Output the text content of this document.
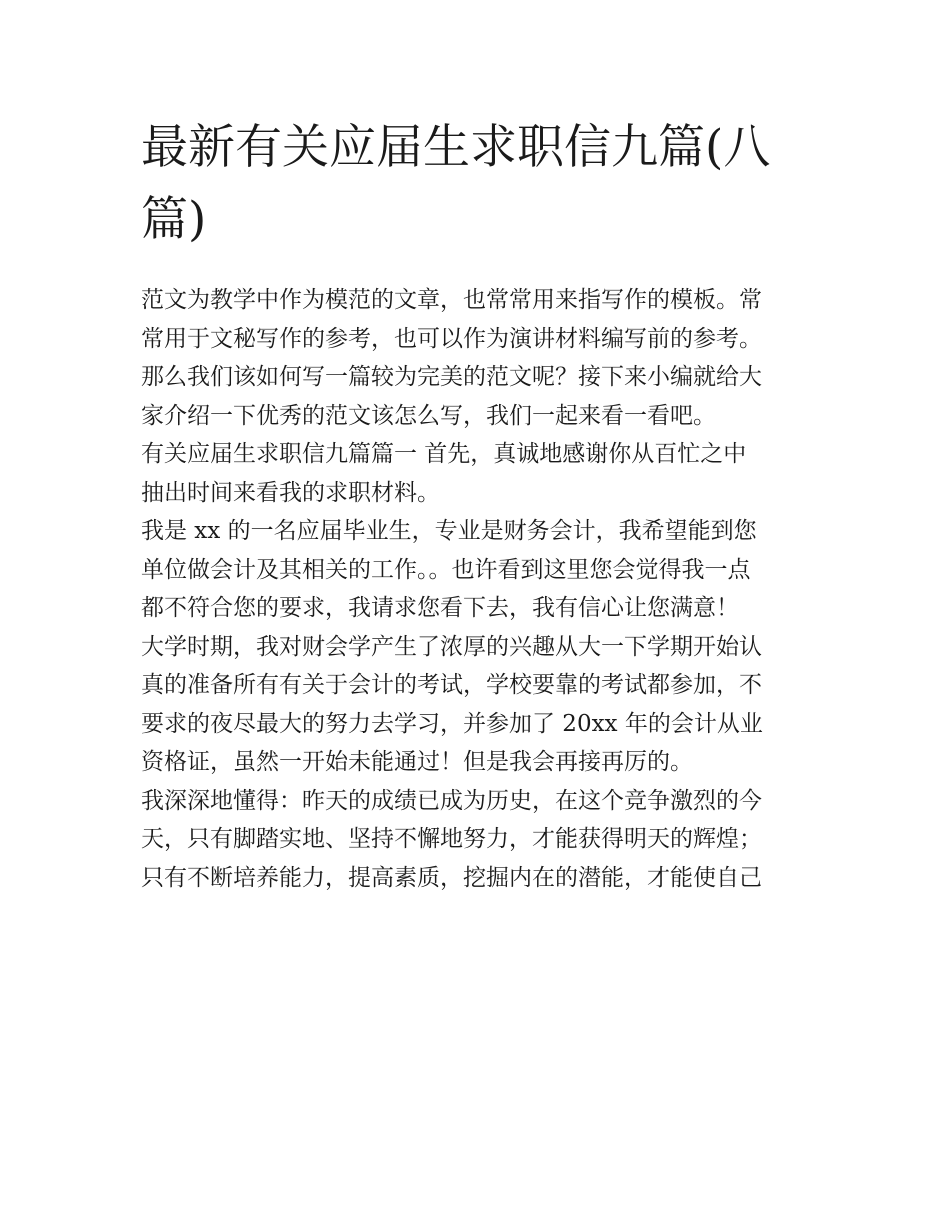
最新有关应届生求职信九篇(八篇)

范文为教学中作为模范的文章，也常常用来指写作的模板。常
常用于文秘写作的参考，也可以作为演讲材料编写前的参考。
那么我们该如何写一篇较为完美的范文呢？接下来小编就给大
家介绍一下优秀的范文该怎么写，我们一起来看一看吧。

有关应届生求职信九篇篇一 首先，真诚地感谢你从百忙之中
抽出时间来看我的求职材料。

我是 xx 的一名应届毕业生，专业是财务会计，我希望能到您
单位做会计及其相关的工作。。也许看到这里您会觉得我一点
都不符合您的要求，我请求您看下去，我有信心让您满意！

大学时期，我对财会学产生了浓厚的兴趣从大一下学期开始认
真的准备所有有关于会计的考试，学校要靠的考试都参加，不
要求的夜尽最大的努力去学习，并参加了 20xx 年的会计从业
资格证，虽然一开始未能通过！但是我会再接再厉的。

我深深地懂得：昨天的成绩已成为历史，在这个竞争激烈的今
天，只有脚踏实地、坚持不懈地努力，才能获得明天的辉煌；
只有不断培养能力，提高素质，挖掘内在的潜能，才能使自己
